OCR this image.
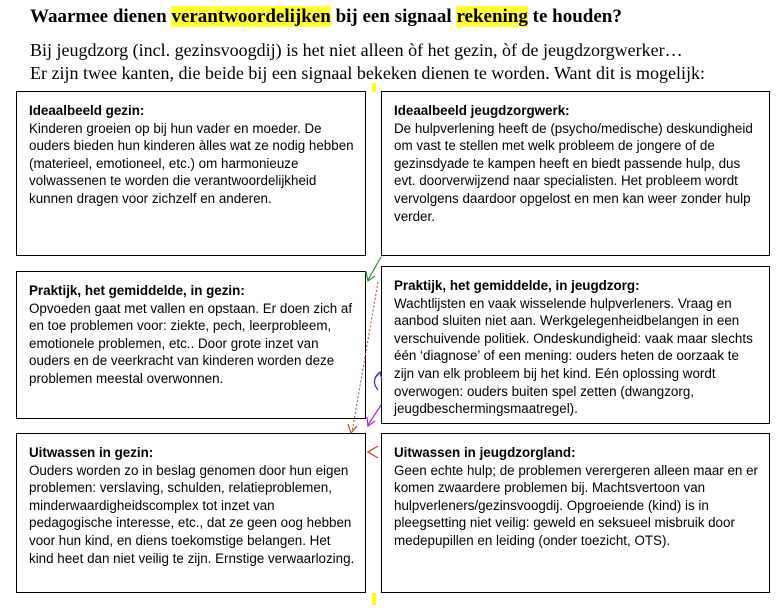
Waarmee dienen verantwoordelijken bij een signaal rekening te houden?
Bij jeugdzorg (incl. gezinsvoogdij) is het niet alleen òf het gezin, òf de jeugdzorgwerker…
Er zijn twee kanten, die beide bij een signaal bekeken dienen te worden. Want dit is mogelijk:
Ideaalbeeld gezin:

Kinderen groeien op bij hun vader en moeder. De ouders bieden hun kinderen àlles wat ze nodig hebben (materieel, emotioneel, etc.) om harmonieuze volwassenen te worden die verantwoordelijkheid kunnen dragen voor zichzelf en anderen.

Ideaalbeeld jeugdzorgwerk:

De hulpverlening heeft de (psycho/medische) deskundigheid om vast te stellen met welk probleem de jongere of de gezinsdyade te kampen heeft en biedt passende hulp, dus evt. doorverwijzend naar specialisten. Het probleem wordt vervolgens daardoor opgelost en men kan weer zonder hulp verder.

Praktijk, het gemiddelde, in gezin:

Opvoeden gaat met vallen en opstaan. Er doen zich af en toe problemen voor: ziekte, pech, leerprobleem, emotionele problemen, etc.. Door grote inzet van ouders en de veerkracht van kinderen worden deze problemen meestal overwonnen.

Praktijk, het gemiddelde, in jeugdzorg:

Wachtlijsten en vaak wisselende hulpverleners. Vraag en aanbod sluiten niet aan. Werkgelegenheidbelangen in een verschuivende politiek. Ondeskundigheid: vaak maar slechts één ‘diagnose’ of een mening: ouders heten de oorzaak te zijn van elk probleem bij het kind. Eén oplossing wordt overwogen: ouders buiten spel zetten (dwangzorg, jeugdbeschermingsmaatregel).

Uitwassen in gezin:

Ouders worden zo in beslag genomen door hun eigen problemen: verslaving, schulden, relatieproblemen, minderwaardigheidscomplex tot inzet van pedagogische interesse, etc., dat ze geen oog hebben voor hun kind, en diens toekomstige belangen. Het kind heet dan niet veilig te zijn. Ernstige verwaarlozing.

Uitwassen in jeugdzorgland:

Geen echte hulp; de problemen verergeren alleen maar en er komen zwaardere problemen bij. Machtsvertoon van hulpverleners/gezinsvoogdij. Opgroeiende (kind) is in pleegsetting niet veilig: geweld en seksueel misbruik door medepupillen en leiding (onder toezicht, OTS).
